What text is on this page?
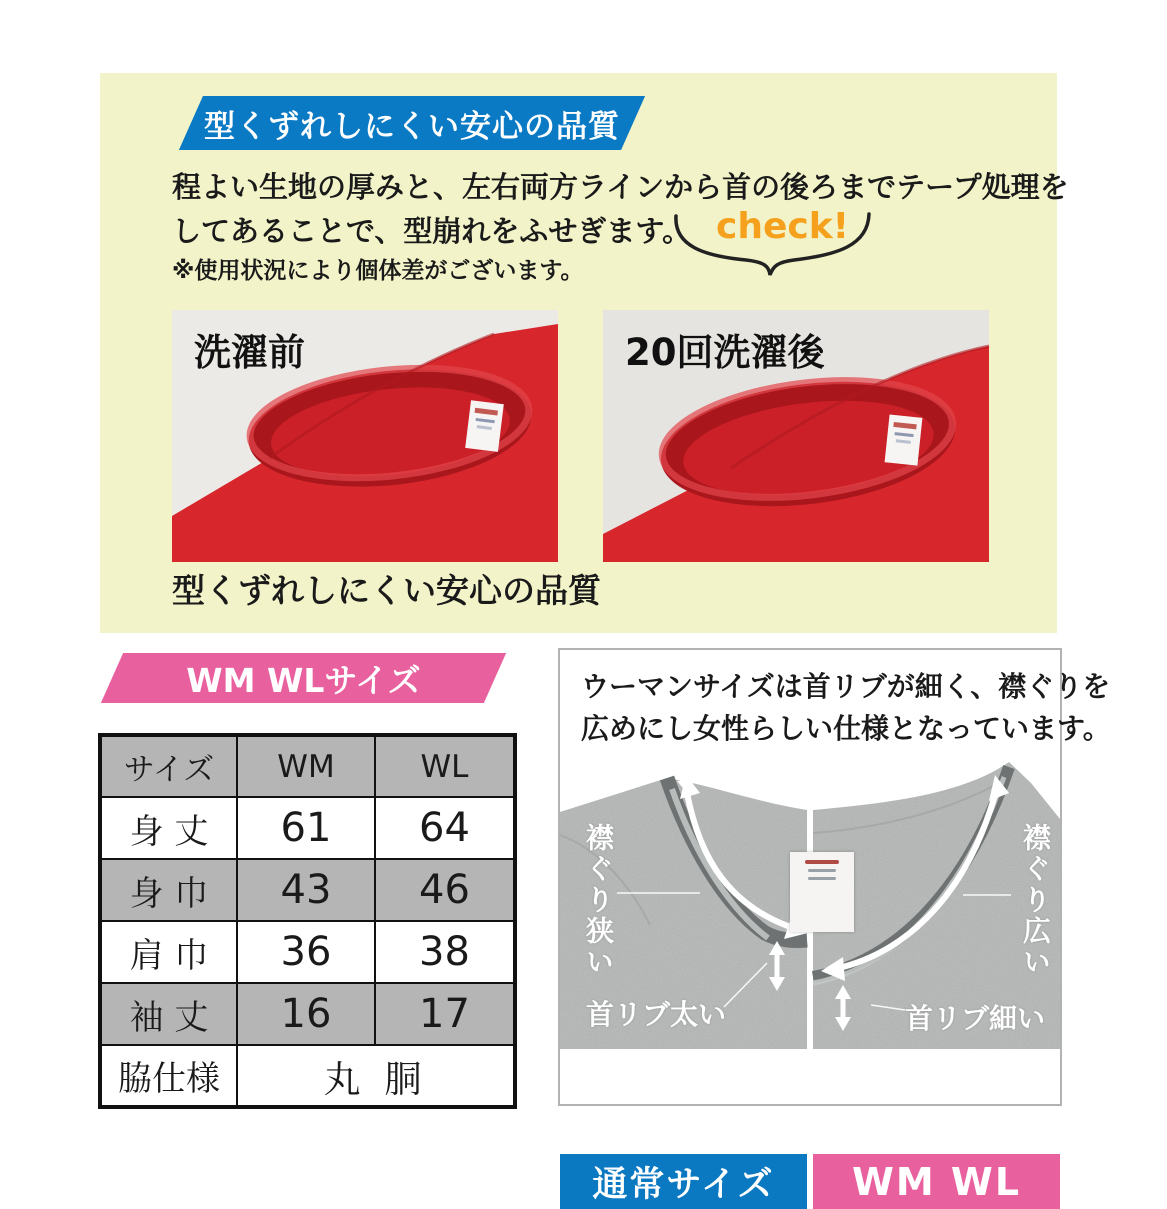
型くずれしにくい安心の品質
程よい生地の厚みと、左右両方ラインから首の後ろまでテープ処理を
してあることで、型崩れをふせぎます。
※使用状況により個体差がございます。
check!
洗濯前	20回洗濯後
型くずれしにくい安心の品質
WM WLサイズ
サイズ	WM	WL
身 丈	61	64
身 巾	43	46
肩 巾	36	38
袖 丈	16	17
脇仕様	丸 胴	
ウーマンサイズは首リブが細く、襟ぐりを
広めにし女性らしい仕様となっています。
襟ぐり狭い	襟ぐり広い
首リブ太い	首リブ細い
通常サイズ	WM WL
